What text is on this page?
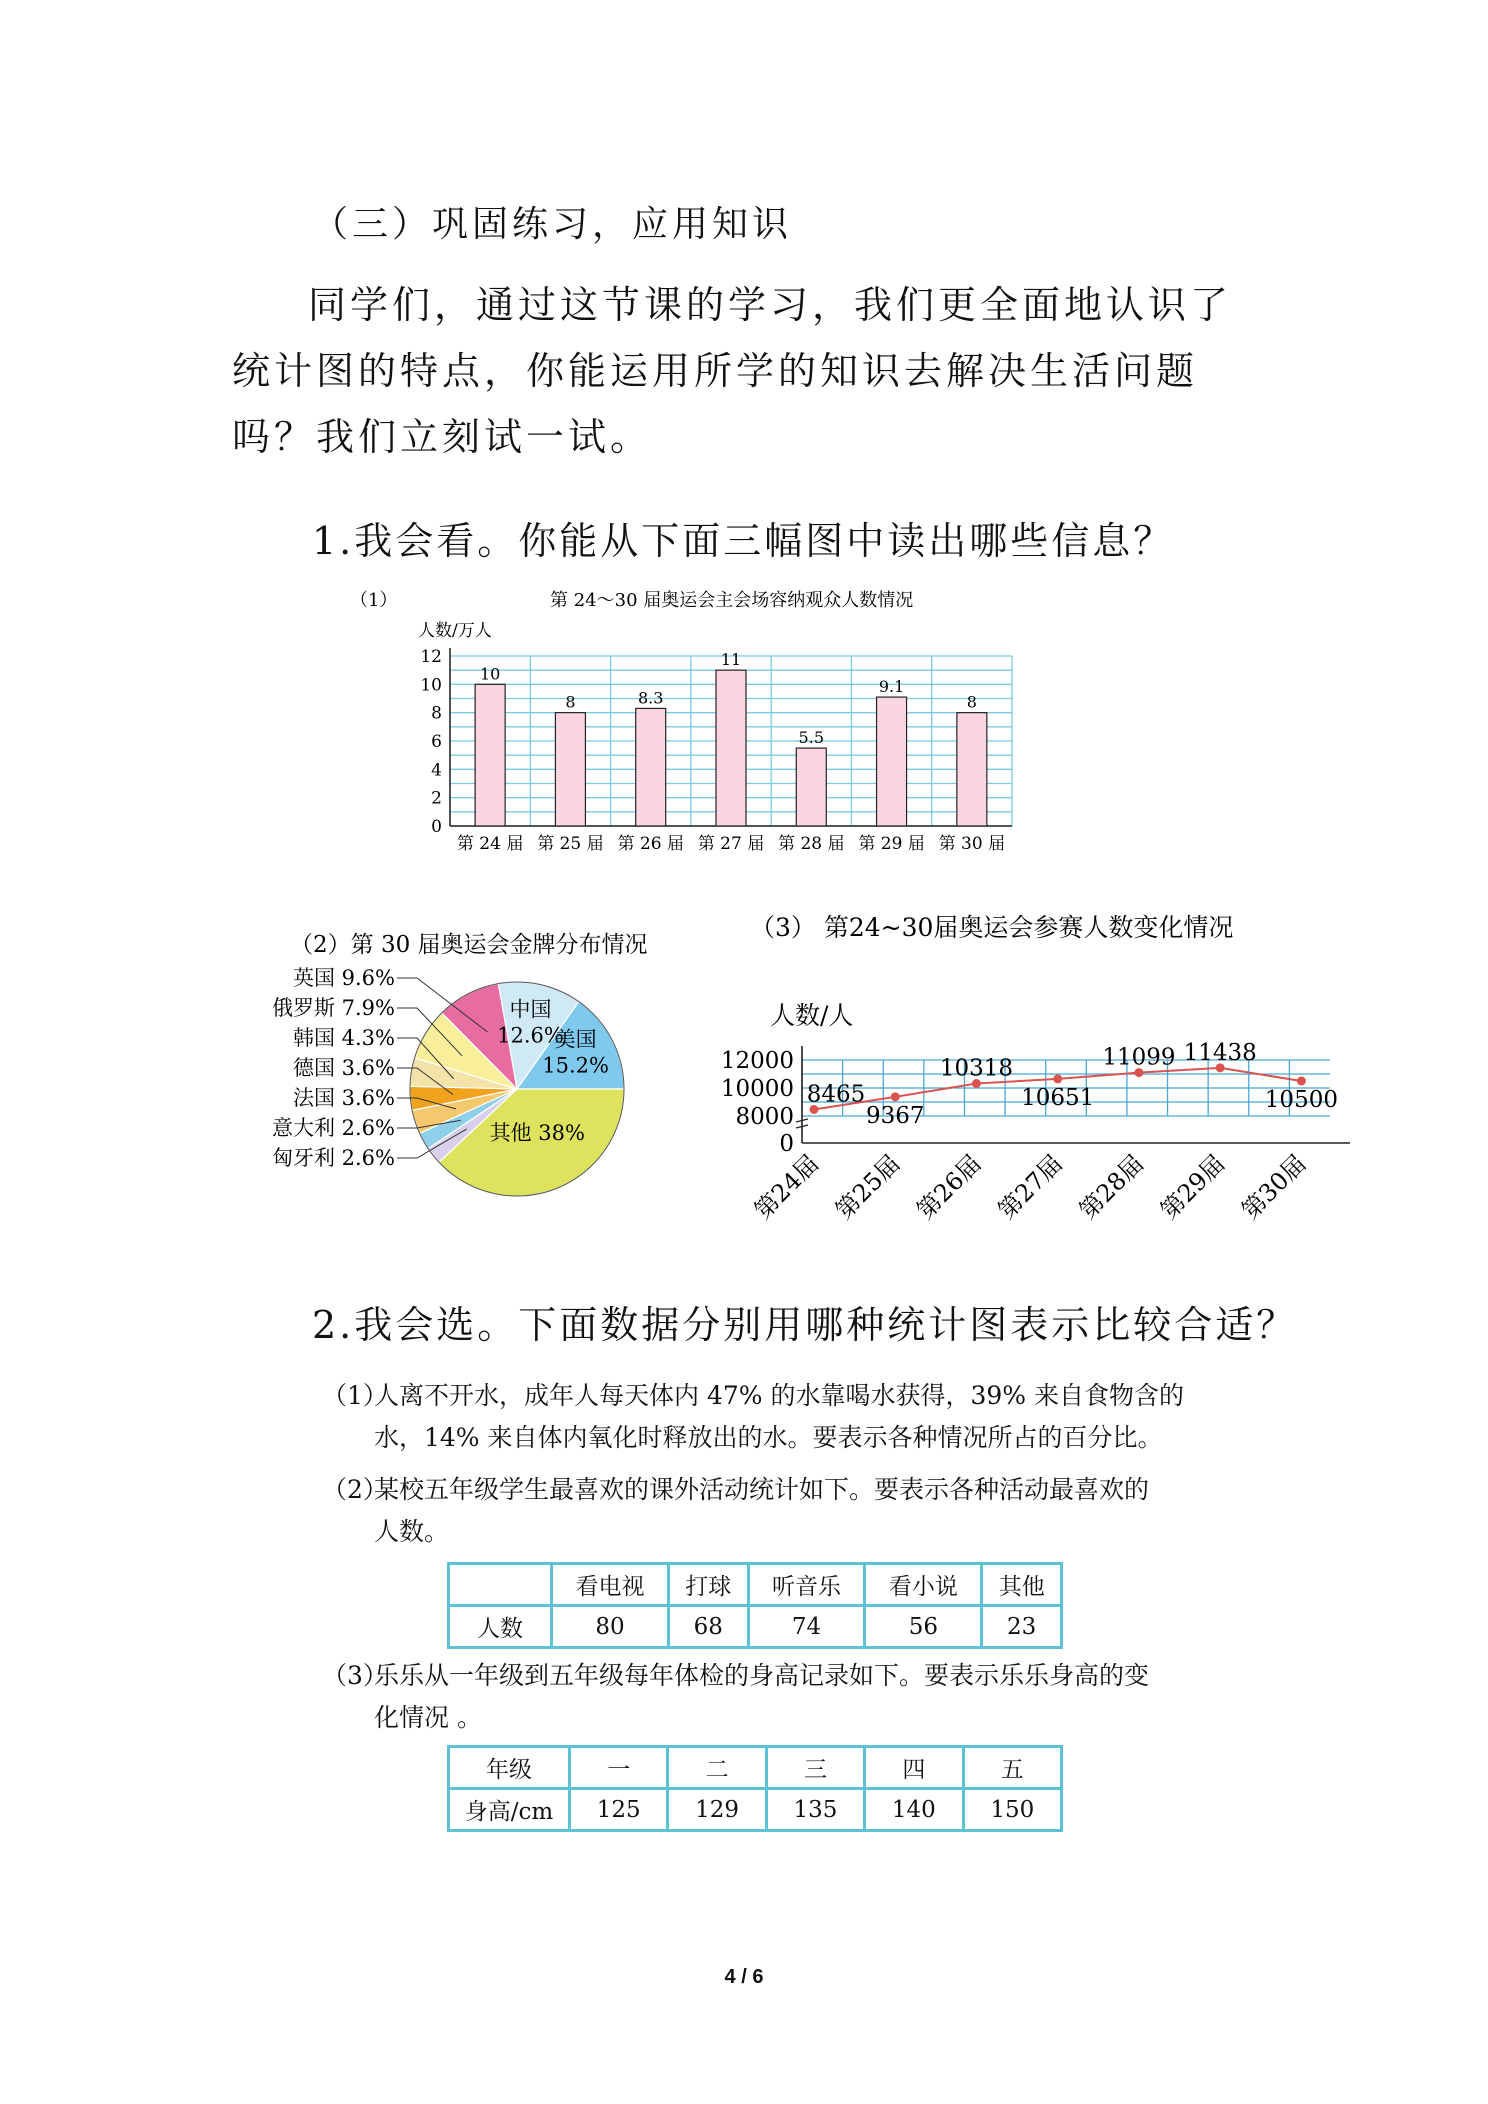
（三）巩固练习，应用知识
同学们，通过这节课的学习，我们更全面地认识了统计图的特点，你能运用所学的知识去解决生活问题吗？我们立刻试一试。
1.我会看。你能从下面三幅图中读出哪些信息？
（1）	第 24～30 届奥运会主会场容纳观众人数情况
人数/万人
0
2
4
6
8
10
12
第 24 届 第 25 届 第 26 届 第 27 届 第 28 届 第 29 届 第 30 届
10
8	8.3
11
5.5
9.1
8
（2）第 30 届奥运会金牌分布情况
中国 12.6%
美国 15.2%
其他 38%
英国 9.6%
俄罗斯 7.9%
韩国 4.3%
德国 3.6%
法国 3.6%
意大利 2.6%
匈牙利 2.6%
（3） 第24~30届奥运会参赛人数变化情况
人数/人
0
8000
10000
12000
第24届 第25届 第26届 第27届 第28届 第29届 第30届
8465
9367
10318
10651
11099 11438
10500
2.我会选。下面数据分别用哪种统计图表示比较合适？
（1）人离不开水，成年人每天体内 47% 的水靠喝水获得，39% 来自食物含的
水，14% 来自体内氧化时释放出的水。要表示各种情况所占的百分比。
（2）某校五年级学生最喜欢的课外活动统计如下。要表示各种活动最喜欢的
人数。
	看电视	打球	听音乐	看小说	其他
人数	80	68	74	56	23
（3）乐乐从一年级到五年级每年体检的身高记录如下。要表示乐乐身高的变
化情况 。
年级	一	二	三	四	五
身高/cm	125	129	135	140	150
4 / 6
